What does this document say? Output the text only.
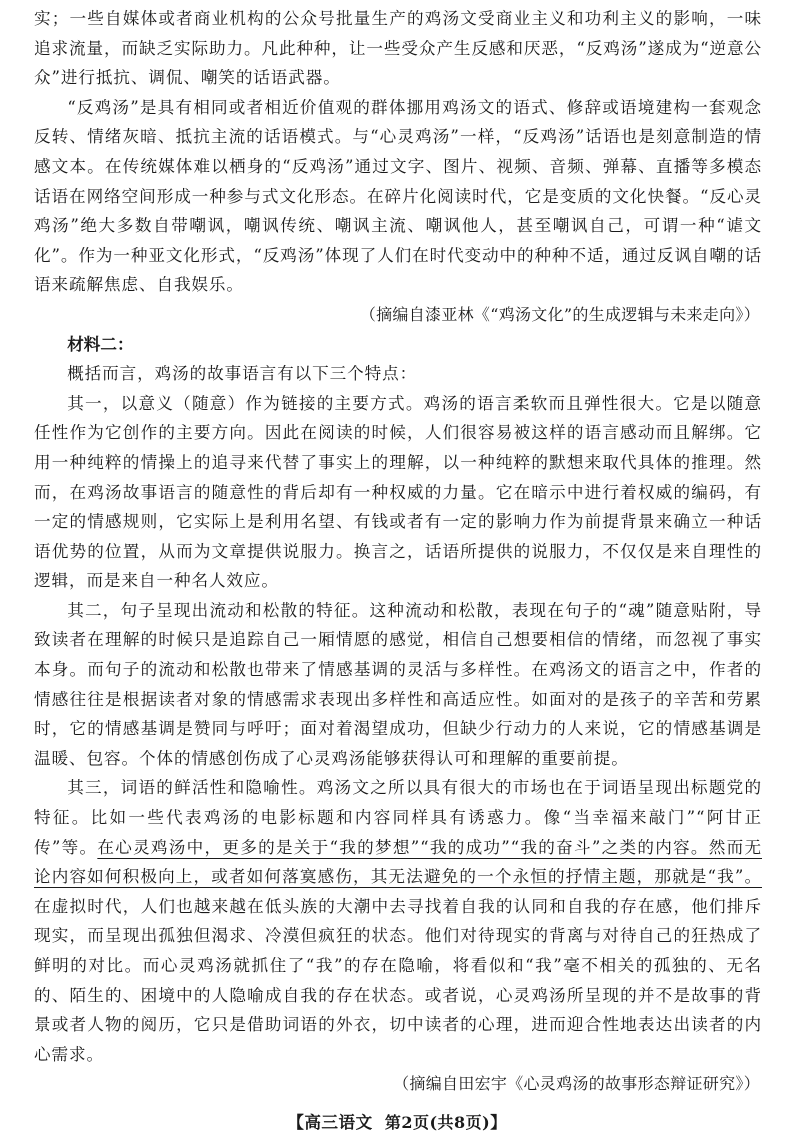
实；一些自媒体或者商业机构的公众号批量生产的鸡汤文受商业主义和功利主义的影响，一味追求流量，而缺乏实际助力。凡此种种，让一些受众产生反感和厌恶，“反鸡汤”遂成为“逆意公众”进行抵抗、调侃、嘲笑的话语武器。

“反鸡汤”是具有相同或者相近价值观的群体挪用鸡汤文的语式、修辞或语境建构一套观念反转、情绪灰暗、抵抗主流的话语模式。与“心灵鸡汤”一样，“反鸡汤”话语也是刻意制造的情感文本。在传统媒体难以栖身的“反鸡汤”通过文字、图片、视频、音频、弹幕、直播等多模态话语在网络空间形成一种参与式文化形态。在碎片化阅读时代，它是变质的文化快餐。“反心灵鸡汤”绝大多数自带嘲讽，嘲讽传统、嘲讽主流、嘲讽他人，甚至嘲讽自己，可谓一种“谑文化”。作为一种亚文化形式，“反鸡汤”体现了人们在时代变动中的种种不适，通过反讽自嘲的话语来疏解焦虑、自我娱乐。

（摘编自漆亚林《“鸡汤文化”的生成逻辑与未来走向》）

材料二：

概括而言，鸡汤的故事语言有以下三个特点：

其一，以意义（随意）作为链接的主要方式。鸡汤的语言柔软而且弹性很大。它是以随意任性作为它创作的主要方向。因此在阅读的时候，人们很容易被这样的语言感动而且解绑。它用一种纯粹的情操上的追寻来代替了事实上的理解，以一种纯粹的默想来取代具体的推理。然而，在鸡汤故事语言的随意性的背后却有一种权威的力量。它在暗示中进行着权威的编码，有一定的情感规则，它实际上是利用名望、有钱或者有一定的影响力作为前提背景来确立一种话语优势的位置，从而为文章提供说服力。换言之，话语所提供的说服力，不仅仅是来自理性的逻辑，而是来自一种名人效应。

其二，句子呈现出流动和松散的特征。这种流动和松散，表现在句子的“魂”随意贴附，导致读者在理解的时候只是追踪自己一厢情愿的感觉，相信自己想要相信的情绪，而忽视了事实本身。而句子的流动和松散也带来了情感基调的灵活与多样性。在鸡汤文的语言之中，作者的情感往往是根据读者对象的情感需求表现出多样性和高适应性。如面对的是孩子的辛苦和劳累时，它的情感基调是赞同与呼吁；面对着渴望成功，但缺少行动力的人来说，它的情感基调是温暖、包容。个体的情感创伤成了心灵鸡汤能够获得认可和理解的重要前提。

其三，词语的鲜活性和隐喻性。鸡汤文之所以具有很大的市场也在于词语呈现出标题党的特征。比如一些代表鸡汤的电影标题和内容同样具有诱惑力。像“当幸福来敲门”“阿甘正传”等。在心灵鸡汤中，更多的是关于“我的梦想”“我的成功”“我的奋斗”之类的内容。然而无论内容如何积极向上，或者如何落寞感伤，其无法避免的一个永恒的抒情主题，那就是“我”。在虚拟时代，人们也越来越在低头族的大潮中去寻找着自我的认同和自我的存在感，他们排斥现实，而呈现出孤独但渴求、冷漠但疯狂的状态。他们对待现实的背离与对待自己的狂热成了鲜明的对比。而心灵鸡汤就抓住了“我”的存在隐喻，将看似和“我”毫不相关的孤独的、无名的、陌生的、困境中的人隐喻成自我的存在状态。或者说，心灵鸡汤所呈现的并不是故事的背景或者人物的阅历，它只是借助词语的外衣，切中读者的心理，进而迎合性地表达出读者的内心需求。

（摘编自田宏宇《心灵鸡汤的故事形态辩证研究》）

【高三语文 第2页(共8页)】
